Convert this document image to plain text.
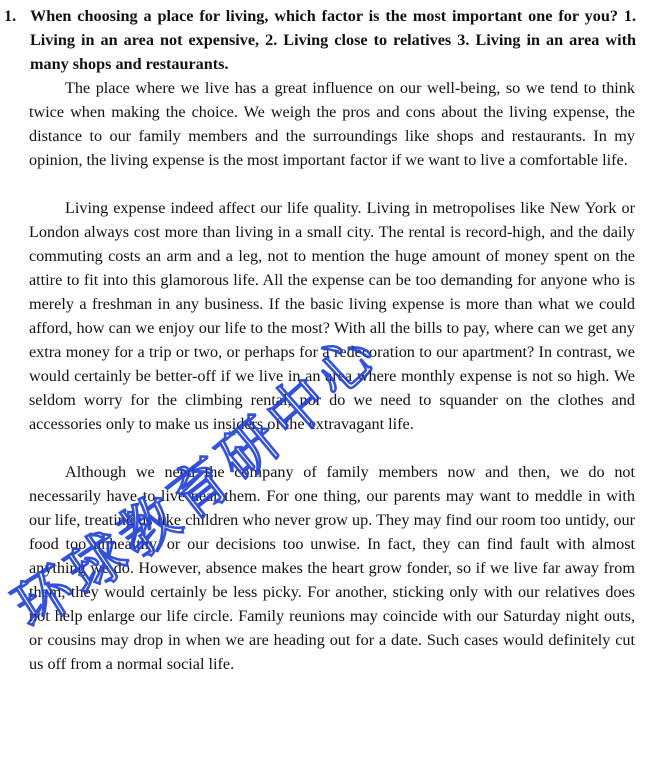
1. When choosing a place for living, which factor is the most important one for you? 1. Living in an area not expensive, 2. Living close to relatives 3. Living in an area with many shops and restaurants.

The place where we live has a great influence on our well-being, so we tend to think twice when making the choice. We weigh the pros and cons about the living expense, the distance to our family members and the surroundings like shops and restaurants. In my opinion, the living expense is the most important factor if we want to live a comfortable life.

Living expense indeed affect our life quality. Living in metropolises like New York or London always cost more than living in a small city. The rental is record-high, and the daily commuting costs an arm and a leg, not to mention the huge amount of money spent on the attire to fit into this glamorous life. All the expense can be too demanding for anyone who is merely a freshman in any business. If the basic living expense is more than what we could afford, how can we enjoy our life to the most? With all the bills to pay, where can we get any extra money for a trip or two, or perhaps for a redecoration to our apartment? In contrast, we would certainly be better-off if we live in an area where monthly expense is not so high. We seldom worry for the climbing rental, nor do we need to squander on the clothes and accessories only to make us insiders of the extravagant life.

Although we need the company of family members now and then, we do not necessarily have to live near them. For one thing, our parents may want to meddle in with our life, treating us like children who never grow up. They may find our room too untidy, our food too unhealthy, or our decisions too unwise. In fact, they can find fault with almost anything we do. However, absence makes the heart grow fonder, so if we live far away from them, they would certainly be less picky. For another, sticking only with our relatives does not help enlarge our life circle. Family reunions may coincide with our Saturday night outs, or cousins may drop in when we are heading out for a date. Such cases would definitely cut us off from a normal social life.

环球教育研中心
